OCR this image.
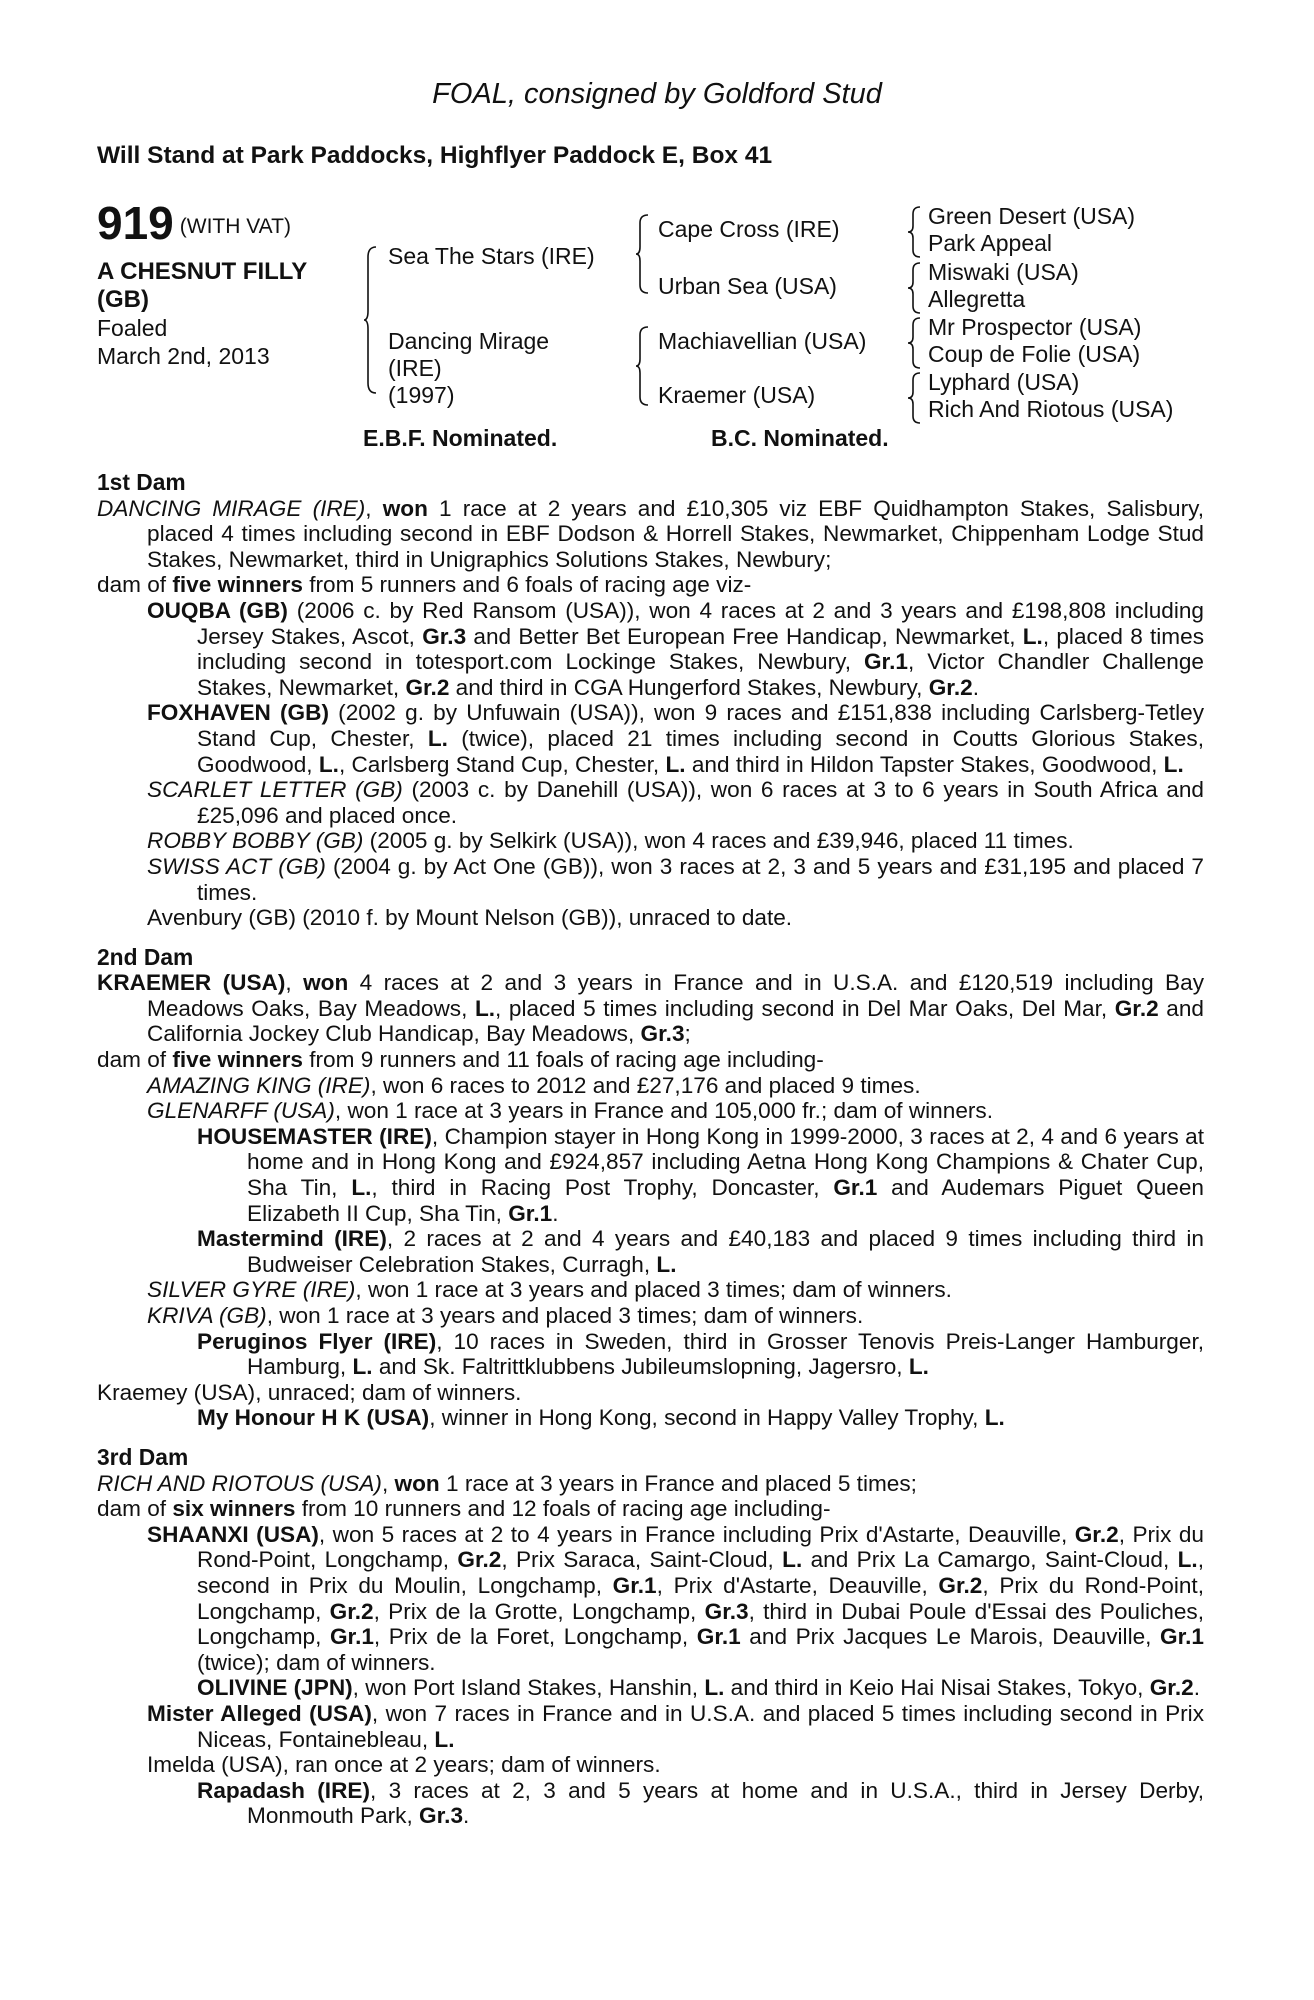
FOAL, consigned by Goldford Stud
Will Stand at Park Paddocks, Highflyer Paddock E, Box 41
919 (WITH VAT)
A CHESNUT FILLY
(GB)
Foaled
March 2nd, 2013
Sea The Stars (IRE)
Dancing Mirage
(IRE)
(1997)
Cape Cross (IRE)
Urban Sea (USA)
Machiavellian (USA)
Kraemer (USA)
Green Desert (USA)
Park Appeal
Miswaki (USA)
Allegretta
Mr Prospector (USA)
Coup de Folie (USA)
Lyphard (USA)
Rich And Riotous (USA)
E.B.F. Nominated.	B.C. Nominated.
1st Dam
DANCING MIRAGE (IRE), won 1 race at 2 years and £10,305 viz EBF Quidhampton Stakes, Salisbury, placed 4 times including second in EBF Dodson & Horrell Stakes, Newmarket, Chippenham Lodge Stud Stakes, Newmarket, third in Unigraphics Solutions Stakes, Newbury;
dam of five winners from 5 runners and 6 foals of racing age viz-
OUQBA (GB) (2006 c. by Red Ransom (USA)), won 4 races at 2 and 3 years and £198,808 including Jersey Stakes, Ascot, Gr.3 and Better Bet European Free Handicap, Newmarket, L., placed 8 times including second in totesport.com Lockinge Stakes, Newbury, Gr.1, Victor Chandler Challenge Stakes, Newmarket, Gr.2 and third in CGA Hungerford Stakes, Newbury, Gr.2.
FOXHAVEN (GB) (2002 g. by Unfuwain (USA)), won 9 races and £151,838 including Carlsberg-Tetley Stand Cup, Chester, L. (twice), placed 21 times including second in Coutts Glorious Stakes, Goodwood, L., Carlsberg Stand Cup, Chester, L. and third in Hildon Tapster Stakes, Goodwood, L.
SCARLET LETTER (GB) (2003 c. by Danehill (USA)), won 6 races at 3 to 6 years in South Africa and £25,096 and placed once.
ROBBY BOBBY (GB) (2005 g. by Selkirk (USA)), won 4 races and £39,946, placed 11 times.
SWISS ACT (GB) (2004 g. by Act One (GB)), won 3 races at 2, 3 and 5 years and £31,195 and placed 7 times.
Avenbury (GB) (2010 f. by Mount Nelson (GB)), unraced to date.
2nd Dam
KRAEMER (USA), won 4 races at 2 and 3 years in France and in U.S.A. and £120,519 including Bay Meadows Oaks, Bay Meadows, L., placed 5 times including second in Del Mar Oaks, Del Mar, Gr.2 and California Jockey Club Handicap, Bay Meadows, Gr.3;
dam of five winners from 9 runners and 11 foals of racing age including-
AMAZING KING (IRE), won 6 races to 2012 and £27,176 and placed 9 times.
GLENARFF (USA), won 1 race at 3 years in France and 105,000 fr.; dam of winners.
HOUSEMASTER (IRE), Champion stayer in Hong Kong in 1999-2000, 3 races at 2, 4 and 6 years at home and in Hong Kong and £924,857 including Aetna Hong Kong Champions & Chater Cup, Sha Tin, L., third in Racing Post Trophy, Doncaster, Gr.1 and Audemars Piguet Queen Elizabeth II Cup, Sha Tin, Gr.1.
Mastermind (IRE), 2 races at 2 and 4 years and £40,183 and placed 9 times including third in Budweiser Celebration Stakes, Curragh, L.
SILVER GYRE (IRE), won 1 race at 3 years and placed 3 times; dam of winners.
KRIVA (GB), won 1 race at 3 years and placed 3 times; dam of winners.
Peruginos Flyer (IRE), 10 races in Sweden, third in Grosser Tenovis Preis-Langer Hamburger, Hamburg, L. and Sk. Faltrittklubbens Jubileumslopning, Jagersro, L.
Kraemey (USA), unraced; dam of winners.
My Honour H K (USA), winner in Hong Kong, second in Happy Valley Trophy, L.
3rd Dam
RICH AND RIOTOUS (USA), won 1 race at 3 years in France and placed 5 times;
dam of six winners from 10 runners and 12 foals of racing age including-
SHAANXI (USA), won 5 races at 2 to 4 years in France including Prix d'Astarte, Deauville, Gr.2, Prix du Rond-Point, Longchamp, Gr.2, Prix Saraca, Saint-Cloud, L. and Prix La Camargo, Saint-Cloud, L., second in Prix du Moulin, Longchamp, Gr.1, Prix d'Astarte, Deauville, Gr.2, Prix du Rond-Point, Longchamp, Gr.2, Prix de la Grotte, Longchamp, Gr.3, third in Dubai Poule d'Essai des Pouliches, Longchamp, Gr.1, Prix de la Foret, Longchamp, Gr.1 and Prix Jacques Le Marois, Deauville, Gr.1 (twice); dam of winners.
OLIVINE (JPN), won Port Island Stakes, Hanshin, L. and third in Keio Hai Nisai Stakes, Tokyo, Gr.2.
Mister Alleged (USA), won 7 races in France and in U.S.A. and placed 5 times including second in Prix Niceas, Fontainebleau, L.
Imelda (USA), ran once at 2 years; dam of winners.
Rapadash (IRE), 3 races at 2, 3 and 5 years at home and in U.S.A., third in Jersey Derby, Monmouth Park, Gr.3.
